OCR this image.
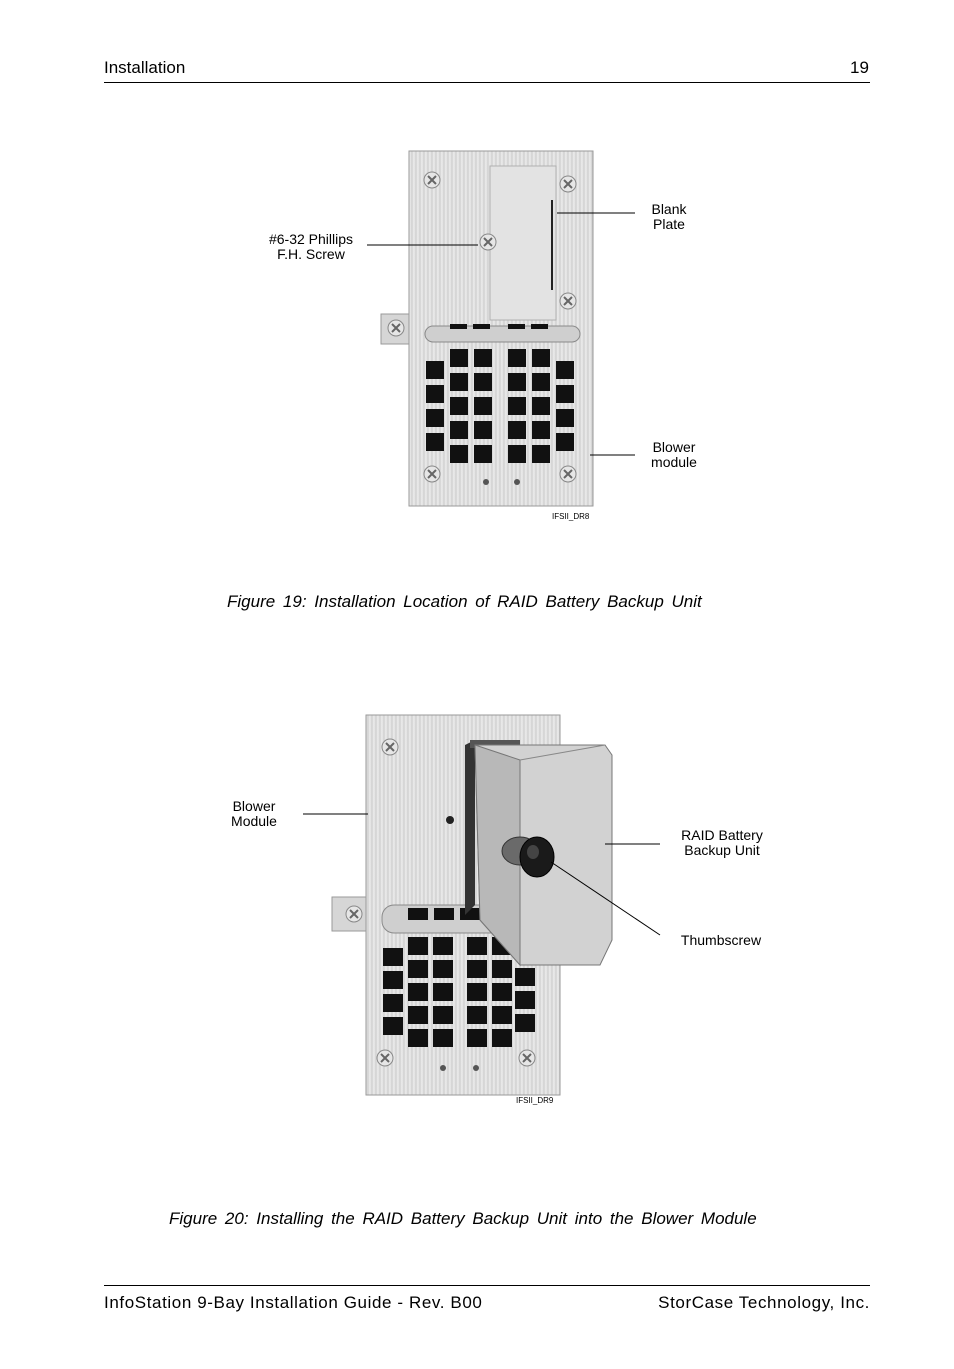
Installation	19
Blank
Plate
#6-32 Phillips
F.H. Screw
Blower
module
IFSII_DR8
Figure 19: Installation Location of RAID Battery Backup Unit
Blower
Module
RAID Battery
Backup Unit
Thumbscrew
IFSII_DR9
Figure 20: Installing the RAID Battery Backup Unit into the Blower Module
InfoStation 9-Bay Installation Guide - Rev. B00	StorCase Technology, Inc.
